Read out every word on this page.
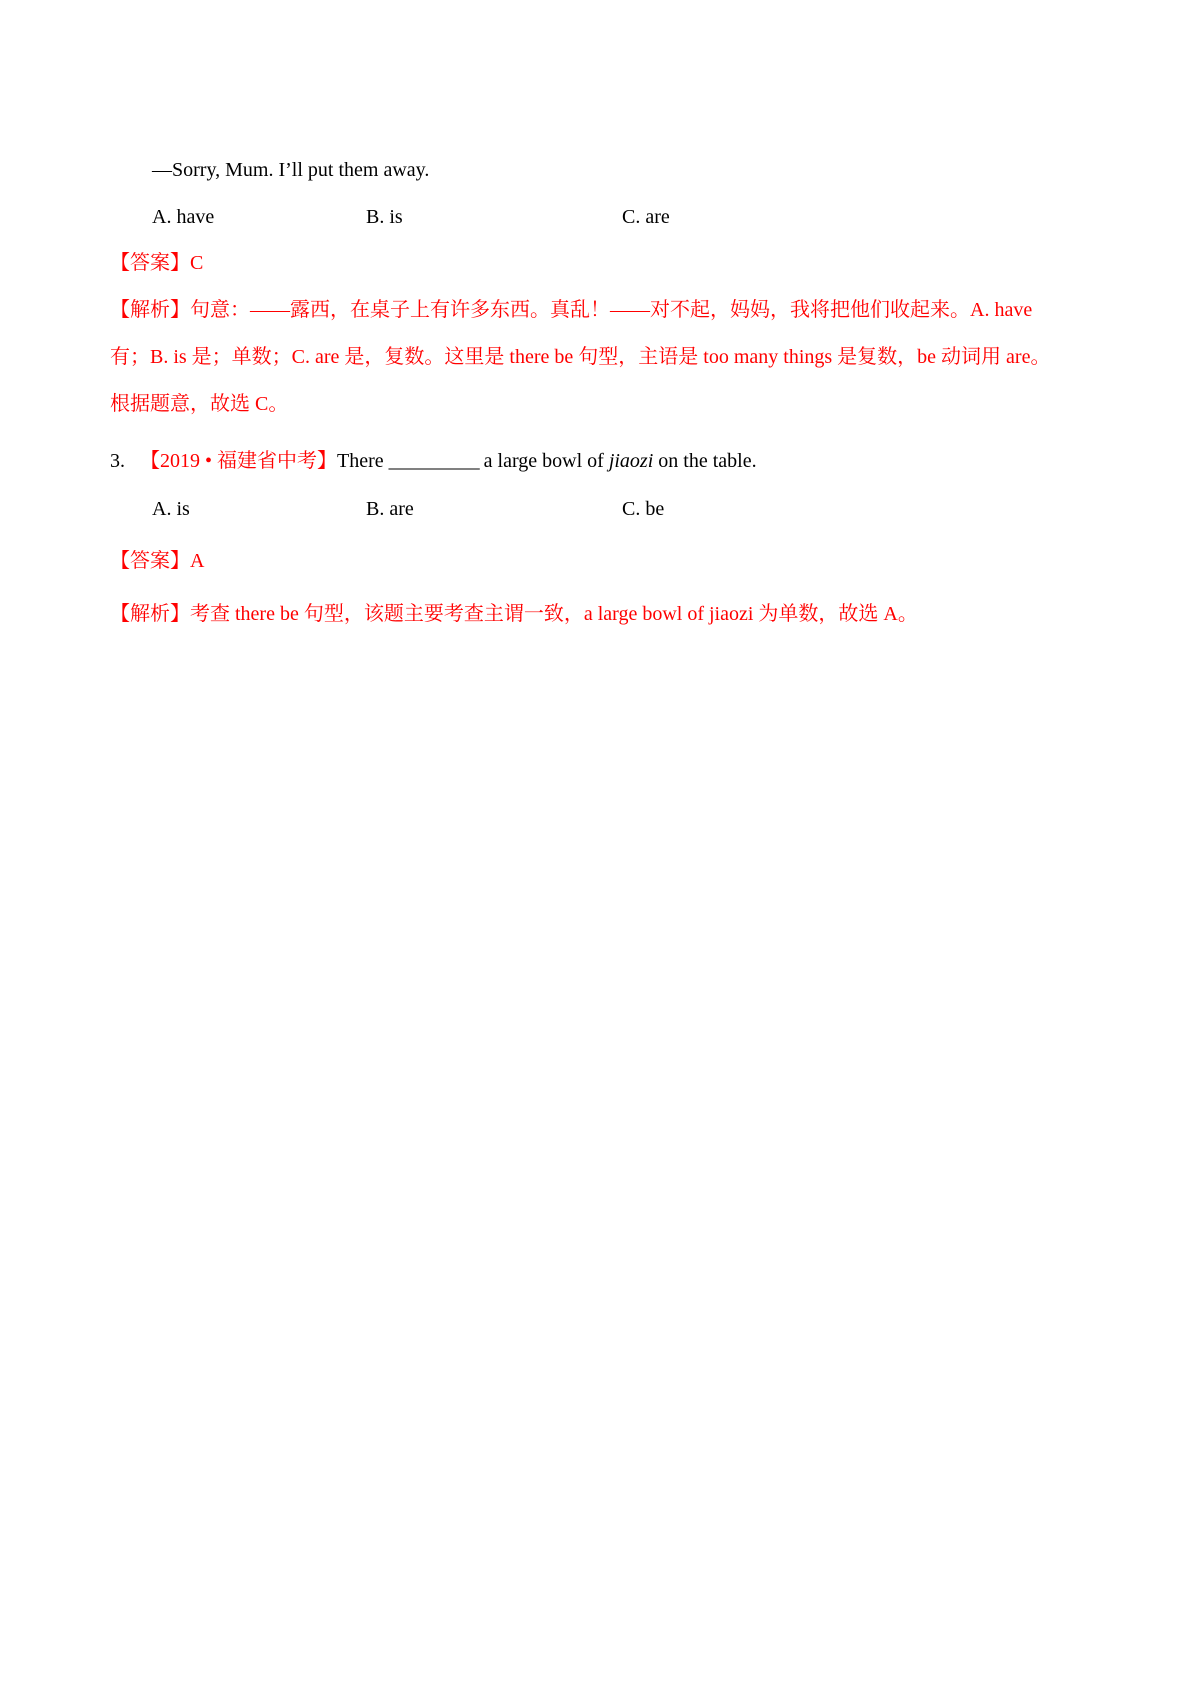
—Sorry, Mum. I’ll put them away.
A. have	B. is	C. are
【答案】C
【解析】句意：——露西，在桌子上有许多东西。真乱！——对不起，妈妈，我将把他们收起来。A. have
有；B. is 是；单数；C. are 是，复数。这里是 there be 句型，主语是 too many things 是复数，be 动词用 are。
根据题意，故选 C。
3. 【2019 • 福建省中考】There __________ a large bowl of jiaozi on the table.
A. is	B. are	C. be
【答案】A
【解析】考查 there be 句型，该题主要考查主谓一致，a large bowl of jiaozi 为单数，故选 A。
